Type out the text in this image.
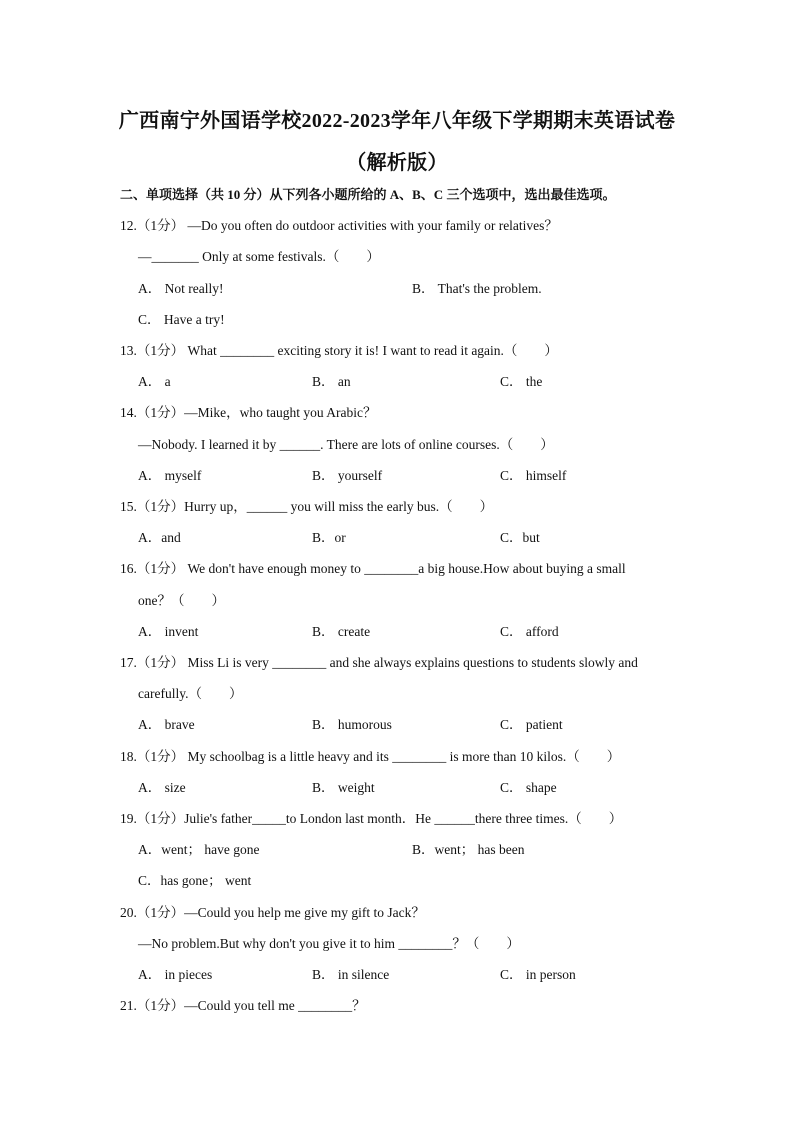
广西南宁外国语学校2022-2023学年八年级下学期期末英语试卷
（解析版）
二、单项选择（共 10 分）从下列各小题所给的 A、B、C 三个选项中，选出最佳选项。
12.（1分） —Do you often do outdoor activities with your family or relatives？
—_______ Only at some festivals.（　　）
A． Not really!	B． That's the problem.
C． Have a try!
13.（1分） What ________ exciting story it is! I want to read it again.（　　）
A． a	B． an	C． the
14.（1分）—Mike，who taught you Arabic？
—Nobody. I learned it by ______. There are lots of online courses.（　　）
A． myself	B． yourself	C． himself
15.（1分）Hurry up，______ you will miss the early bus.（　　）
A．and	B．or	C．but
16.（1分） We don't have enough money to ________a big house.How about buying a small
one？（　　）
A． invent	B． create	C． afford
17.（1分） Miss Li is very ________ and she always explains questions to students slowly and
carefully.（　　）
A． brave	B． humorous	C． patient
18.（1分） My schoolbag is a little heavy and its ________ is more than 10 kilos.（　　）
A． size	B． weight	C． shape
19.（1分）Julie's father_____to London last month．He ______there three times.（　　）
A．went； have gone	B．went； has been
C．has gone； went
20.（1分）—Could you help me give my gift to Jack？
—No problem.But why don't you give it to him ________？（　　）
A． in pieces	B． in silence	C． in person
21.（1分）—Could you tell me ________？
